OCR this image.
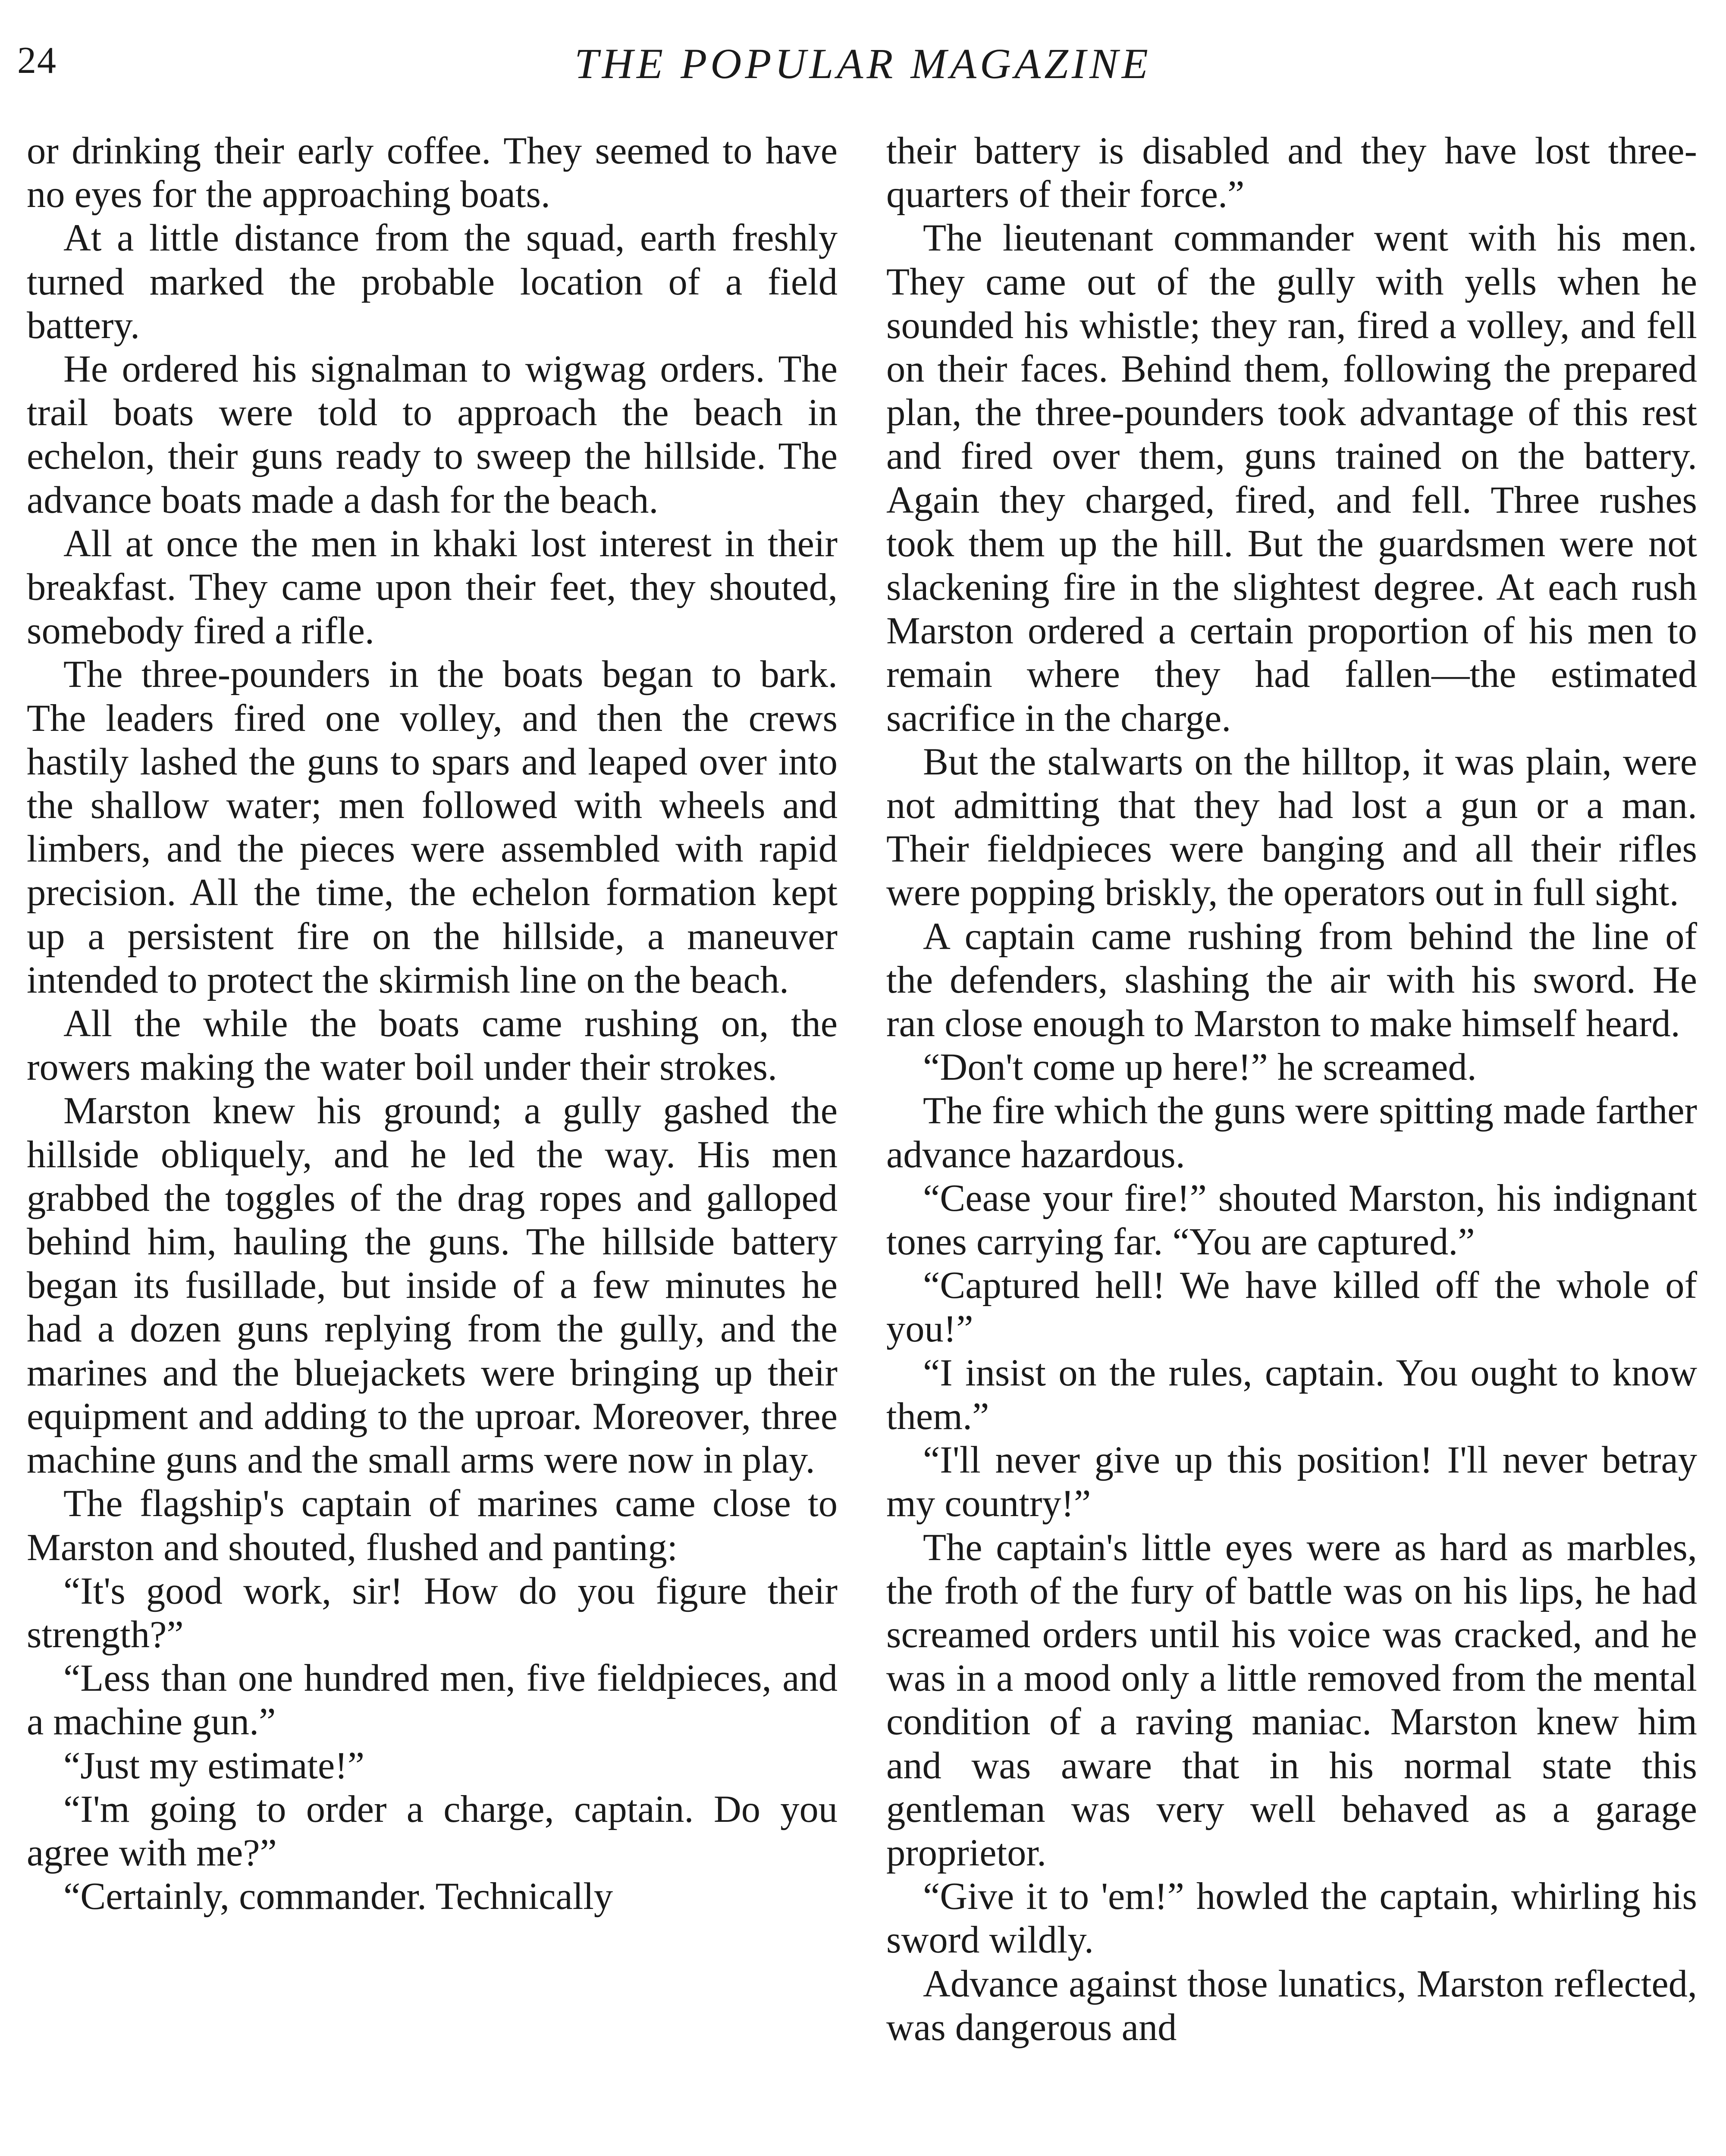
24	THE POPULAR MAGAZINE

or drinking their early coffee. They seemed to have no eyes for the approaching boats.

At a little distance from the squad, earth freshly turned marked the probable location of a field battery.

He ordered his signalman to wigwag orders. The trail boats were told to approach the beach in echelon, their guns ready to sweep the hillside. The advance boats made a dash for the beach.

All at once the men in khaki lost interest in their breakfast. They came upon their feet, they shouted, somebody fired a rifle.

The three-pounders in the boats began to bark. The leaders fired one volley, and then the crews hastily lashed the guns to spars and leaped over into the shallow water; men followed with wheels and limbers, and the pieces were assembled with rapid precision. All the time, the echelon formation kept up a persistent fire on the hillside, a maneuver intended to protect the skirmish line on the beach.

All the while the boats came rushing on, the rowers making the water boil under their strokes.

Marston knew his ground; a gully gashed the hillside obliquely, and he led the way. His men grabbed the toggles of the drag ropes and galloped behind him, hauling the guns. The hillside battery began its fusillade, but inside of a few minutes he had a dozen guns replying from the gully, and the marines and the bluejackets were bringing up their equipment and adding to the uproar. Moreover, three machine guns and the small arms were now in play.

The flagship's captain of marines came close to Marston and shouted, flushed and panting:

“It's good work, sir! How do you figure their strength?”

“Less than one hundred men, five fieldpieces, and a machine gun.”

“Just my estimate!”

“I'm going to order a charge, captain. Do you agree with me?”

“Certainly, commander. Technically

their battery is disabled and they have lost three-quarters of their force.”

The lieutenant commander went with his men. They came out of the gully with yells when he sounded his whistle; they ran, fired a volley, and fell on their faces. Behind them, following the prepared plan, the three-pounders took advantage of this rest and fired over them, guns trained on the battery. Again they charged, fired, and fell. Three rushes took them up the hill. But the guardsmen were not slackening fire in the slightest degree. At each rush Marston ordered a certain proportion of his men to remain where they had fallen—the estimated sacrifice in the charge.

But the stalwarts on the hilltop, it was plain, were not admitting that they had lost a gun or a man. Their fieldpieces were banging and all their rifles were popping briskly, the operators out in full sight.

A captain came rushing from behind the line of the defenders, slashing the air with his sword. He ran close enough to Marston to make himself heard.

“Don't come up here!” he screamed.

The fire which the guns were spitting made farther advance hazardous.

“Cease your fire!” shouted Marston, his indignant tones carrying far. “You are captured.”

“Captured hell! We have killed off the whole of you!”

“I insist on the rules, captain. You ought to know them.”

“I'll never give up this position! I'll never betray my country!”

The captain's little eyes were as hard as marbles, the froth of the fury of battle was on his lips, he had screamed orders until his voice was cracked, and he was in a mood only a little removed from the mental condition of a raving maniac. Marston knew him and was aware that in his normal state this gentleman was very well behaved as a garage proprietor.

“Give it to 'em!” howled the captain, whirling his sword wildly.

Advance against those lunatics, Marston reflected, was dangerous and
